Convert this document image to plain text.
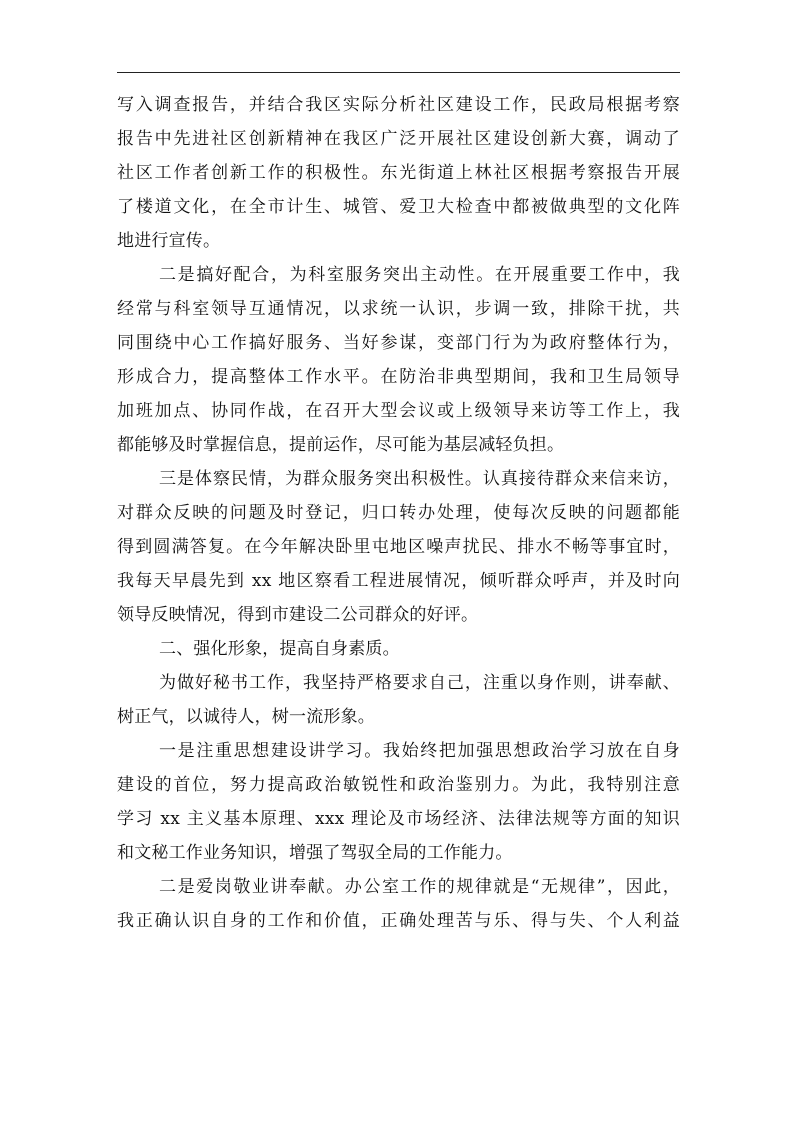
写入调查报告，并结合我区实际分析社区建设工作，民政局根据考察
报告中先进社区创新精神在我区广泛开展社区建设创新大赛，调动了
社区工作者创新工作的积极性。东光街道上林社区根据考察报告开展
了楼道文化，在全市计生、城管、爱卫大检查中都被做典型的文化阵
地进行宣传。
二是搞好配合，为科室服务突出主动性。在开展重要工作中，我
经常与科室领导互通情况，以求统一认识，步调一致，排除干扰，共
同围绕中心工作搞好服务、当好参谋，变部门行为为政府整体行为，
形成合力，提高整体工作水平。在防治非典型期间，我和卫生局领导
加班加点、协同作战，在召开大型会议或上级领导来访等工作上，我
都能够及时掌握信息，提前运作，尽可能为基层减轻负担。
三是体察民情，为群众服务突出积极性。认真接待群众来信来访，
对群众反映的问题及时登记，归口转办处理，使每次反映的问题都能
得到圆满答复。在今年解决卧里屯地区噪声扰民、排水不畅等事宜时，
我每天早晨先到 xx 地区察看工程进展情况，倾听群众呼声，并及时向
领导反映情况，得到市建设二公司群众的好评。
二、强化形象，提高自身素质。
为做好秘书工作，我坚持严格要求自己，注重以身作则，讲奉献、
树正气，以诚待人，树一流形象。
一是注重思想建设讲学习。我始终把加强思想政治学习放在自身
建设的首位，努力提高政治敏锐性和政治鉴别力。为此，我特别注意
学习 xx 主义基本原理、xxx 理论及市场经济、法律法规等方面的知识
和文秘工作业务知识，增强了驾驭全局的工作能力。
二是爱岗敬业讲奉献。办公室工作的规律就是“无规律”，因此，
我正确认识自身的工作和价值，正确处理苦与乐、得与失、个人利益
